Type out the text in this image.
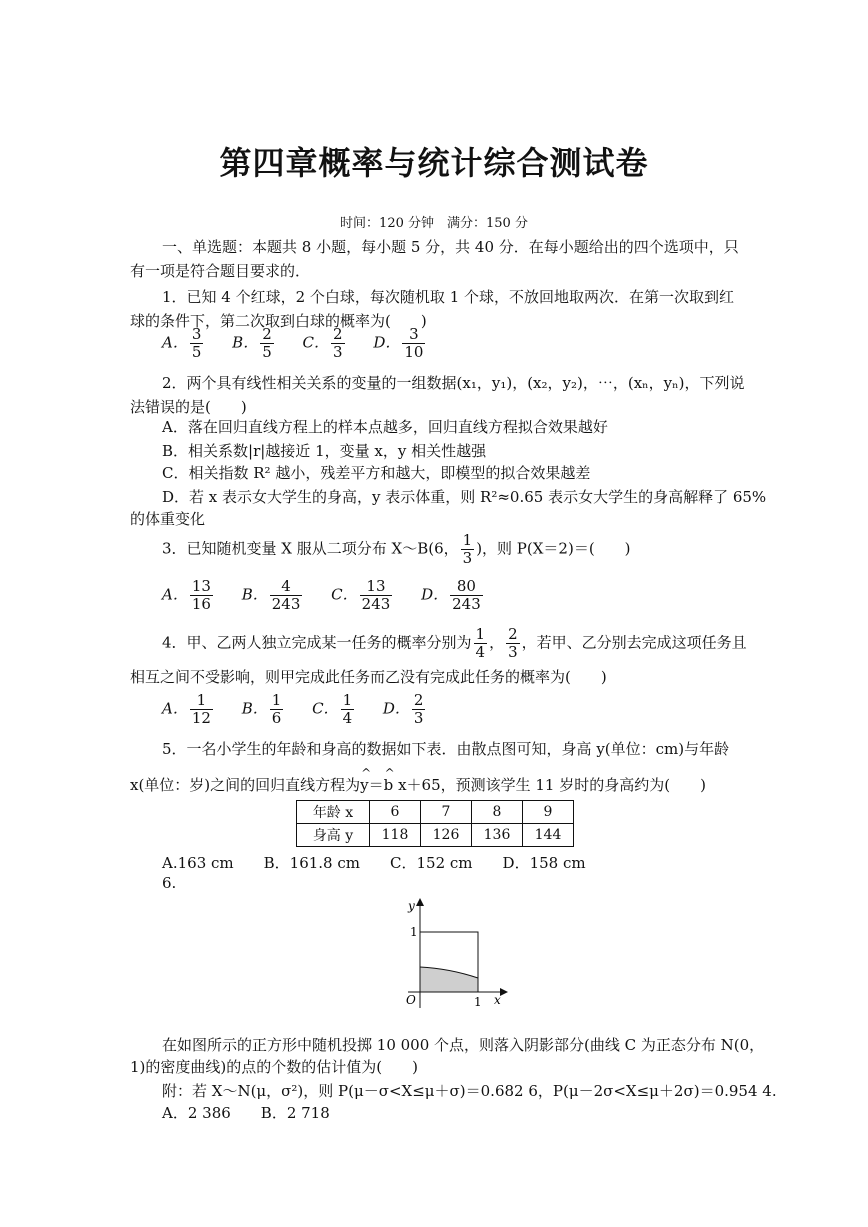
第四章概率与统计综合测试卷
时间：120 分钟　满分：150 分
一、单选题：本题共 8 小题，每小题 5 分，共 40 分．在每小题给出的四个选项中，只
有一项是符合题目要求的．
1．已知 4 个红球，2 个白球，每次随机取 1 个球，不放回地取两次．在第一次取到红
球的条件下，第二次取到白球的概率为(　　)
A． $\frac{3}{5}$ B． $\frac{2}{5}$ C． $\frac{2}{3}$ D． $\frac{3}{10}$
2．两个具有线性相关关系的变量的一组数据(x₁，y₁)，(x₂，y₂)，⋯，(xₙ，yₙ)，下列说
法错误的是(　　)
A．落在回归直线方程上的样本点越多，回归直线方程拟合效果越好
B．相关系数|r|越接近 1，变量 x，y 相关性越强
C．相关指数 R² 越小，残差平方和越大，即模型的拟合效果越差
D．若 x 表示女大学生的身高，y 表示体重，则 R²≈0.65 表示女大学生的身高解释了 65%
的体重变化
3．已知随机变量 X 服从二项分布 X～B(6， $\frac{1}{3}$ )，则 P(X＝2)＝(　　)
A． $\frac{13}{16}$ B． $\frac{4}{243}$ C． $\frac{13}{243}$ D． $\frac{80}{243}$
4．甲、乙两人独立完成某一任务的概率分别为 $\frac{1}{4}$ ， $\frac{2}{3}$ ，若甲、乙分别去完成这项任务且
相互之间不受影响，则甲完成此任务而乙没有完成此任务的概率为(　　)
A． $\frac{1}{12}$ B． $\frac{1}{6}$ C． $\frac{1}{4}$ D． $\frac{2}{3}$
5．一名小学生的年龄和身高的数据如下表．由散点图可知，身高 y(单位：cm)与年龄
x(单位：岁)之间的回归直线方程为^ y＝^ b x＋65，预测该学生 11 岁时的身高约为(　　)
年龄 x	6	7	8	9
身高 y	118	126	136	144
A.163 cm　　 B．161.8 cm　　 C．152 cm　　 D．158 cm
6.
y
x
1
O	1
在如图所示的正方形中随机投掷 10 000 个点，则落入阴影部分(曲线 C 为正态分布 N(0，
1)的密度曲线)的点的个数的估计值为(　　)
附：若 X～N(μ，σ²)，则 P(μ－σ<X≤μ＋σ)＝0.682 6，P(μ－2σ<X≤μ＋2σ)＝0.954 4.
A．2 386　　 B．2 718
